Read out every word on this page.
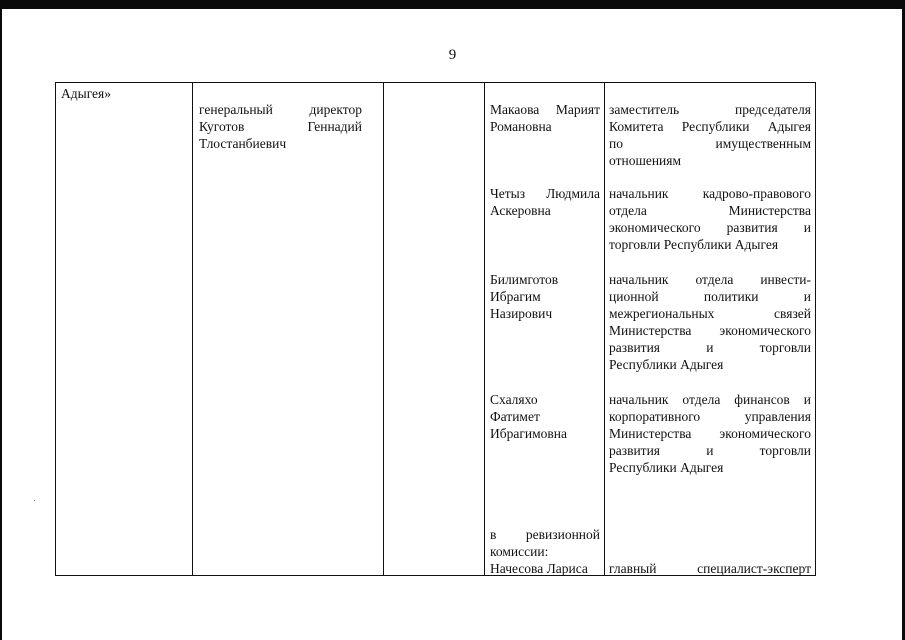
9
Адыгея»
генеральный директор
Куготов Геннадий
Тлостанбиевич
Макаова Марият
Романовна
заместитель председателя
Комитета Республики Адыгея
по имущественным
отношениям
Четыз Людмила
Аскеровна
начальник кадрово-правового
отдела Министерства
экономического развития и
торговли Республики Адыгея
Билимготов
Ибрагим
Назирович
начальник отдела инвести-
ционной политики и
межрегиональных связей
Министерства экономического
развития и торговли
Республики Адыгея
Схаляхо
Фатимет
Ибрагимовна
начальник отдела финансов и
корпоративного управления
Министерства экономического
развития и торговли
Республики Адыгея
в ревизионной
комиссии:
Начесова Лариса	главный специалист-эксперт
